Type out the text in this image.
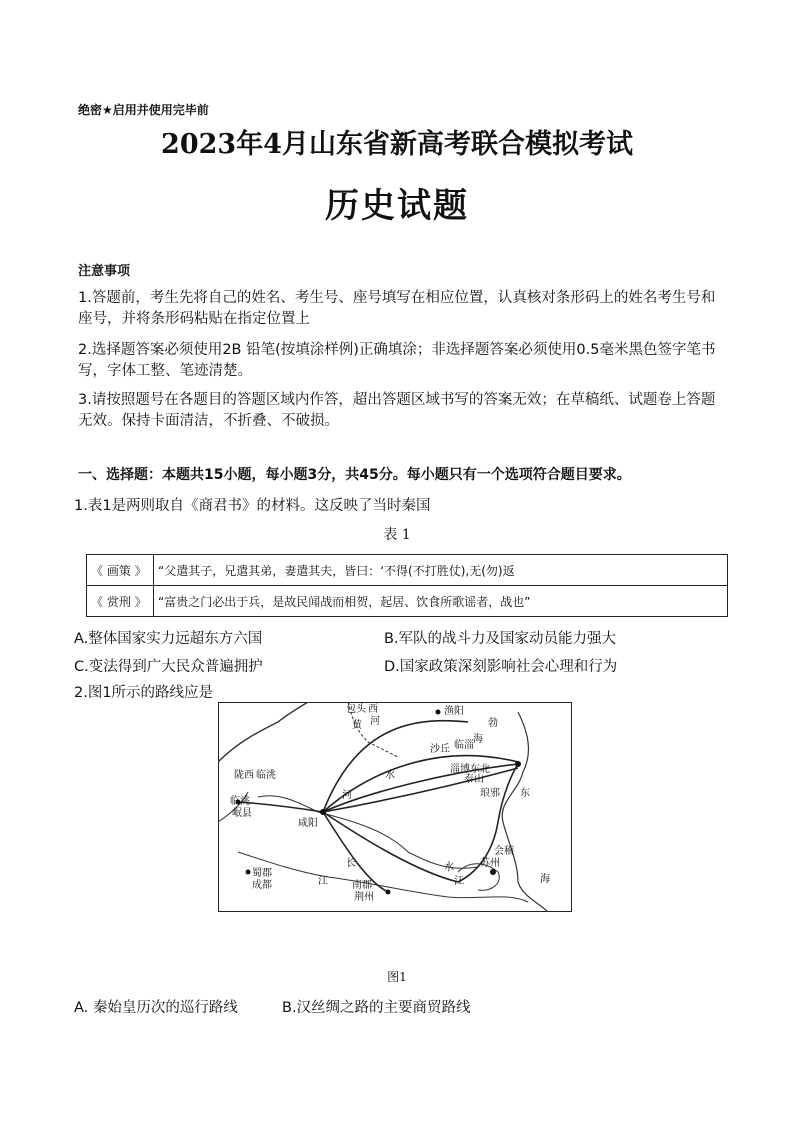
绝密★启用并使用完毕前
2023年4月山东省新高考联合模拟考试
历史试题
注意事项
1.答题前，考生先将自己的姓名、考生号、座号填写在相应位置，认真核对条形码上的姓名考生号和座号，并将条形码粘贴在指定位置上
2.选择题答案必须使用2B 铅笔(按填涂样例)正确填涂；非选择题答案必须使用0.5毫米黑色签字笔书写，字体工整、笔迹清楚。
3.请按照题号在各题目的答题区域内作答，超出答题区域书写的答案无效；在草稿纸、试题卷上答题无效。保持卡面清洁，不折叠、不破损。
一、选择题：本题共15小题，每小题3分，共45分。每小题只有一个选项符合题目要求。
1.表1是两则取自《商君书》的材料。这反映了当时秦国
表 1
《 画策 》	“父遣其子，兄遣其弟，妻遣其夫，皆曰：‘不得(不打胜仗),无(勿)返
《 赏刑 》	“富贵之门必出于兵，是故民闻战而相贺，起居、饮食所歌谣者，战也”
A.整体国家实力远超东方六国	B.军队的战斗力及国家动员能力强大
C.变法得到广大民众普遍拥护	D.国家政策深刻影响社会心理和行为
2.图1所示的路线应是
包头 西	渔阳
勃
海
黄 河
沙丘 临淄
淄博 东北
泰山
琅邪 东
陇西 临洮
临洮
岷县
水
河
咸阳
蜀郡
成都	江
长
南郡
荆州
水
江
会稽
苏州
海
图1
A. 秦始皇历次的巡行路线	B.汉丝绸之路的主要商贸路线
